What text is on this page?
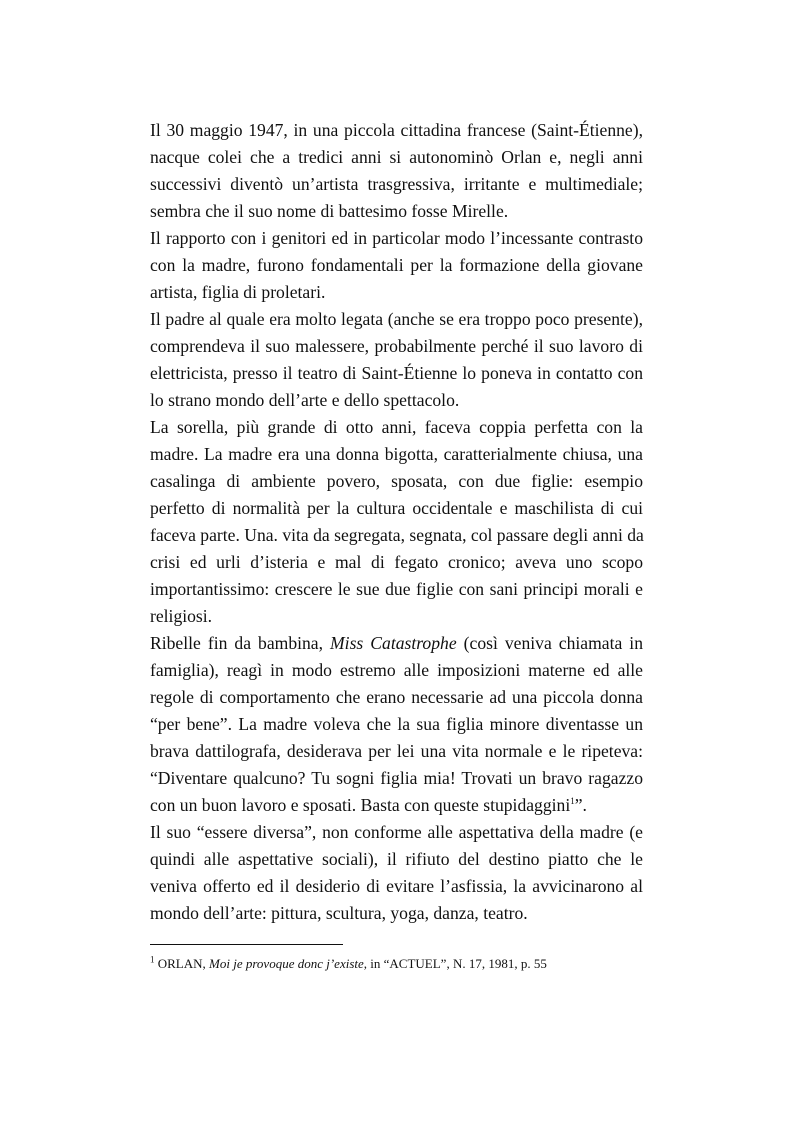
Il 30 maggio 1947, in una piccola cittadina francese (Saint-Étienne),
nacque colei che a tredici anni si autonominò Orlan e, negli anni
successivi diventò un’artista trasgressiva, irritante e multimediale;
sembra che il suo nome di battesimo fosse Mirelle.
Il rapporto con i genitori ed in particolar modo l’incessante contrasto
con la madre, furono fondamentali per la formazione della giovane
artista, figlia di proletari.
Il padre al quale era molto legata (anche se era troppo poco presente),
comprendeva il suo malessere, probabilmente perché il suo lavoro di
elettricista, presso il teatro di Saint-Étienne lo poneva in contatto con
lo strano mondo dell’arte e dello spettacolo.
La sorella, più grande di otto anni, faceva coppia perfetta con la
madre. La madre era una donna bigotta, caratterialmente chiusa, una
casalinga di ambiente povero, sposata, con due figlie: esempio
perfetto di normalità per la cultura occidentale e maschilista di cui
faceva parte. Una. vita da segregata, segnata, col passare degli anni da
crisi ed urli d’isteria e mal di fegato cronico; aveva uno scopo
importantissimo: crescere le sue due figlie con sani principi morali e
religiosi.
Ribelle fin da bambina, Miss Catastrophe (così veniva chiamata in
famiglia), reagì in modo estremo alle imposizioni materne ed alle
regole di comportamento che erano necessarie ad una piccola donna
“per bene”. La madre voleva che la sua figlia minore diventasse un
brava dattilografa, desiderava per lei una vita normale e le ripeteva:
“Diventare qualcuno? Tu sogni figlia mia! Trovati un bravo ragazzo
con un buon lavoro e sposati. Basta con queste stupidaggini$^1$”.
Il suo “essere diversa”, non conforme alle aspettativa della madre (e
quindi alle aspettative sociali), il rifiuto del destino piatto che le
veniva offerto ed il desiderio di evitare l’asfissia, la avvicinarono al
mondo dell’arte: pittura, scultura, yoga, danza, teatro.
$^1$ ORLAN, Moi je provoque donc j’existe, in “ACTUEL”, N. 17, 1981, p. 55
